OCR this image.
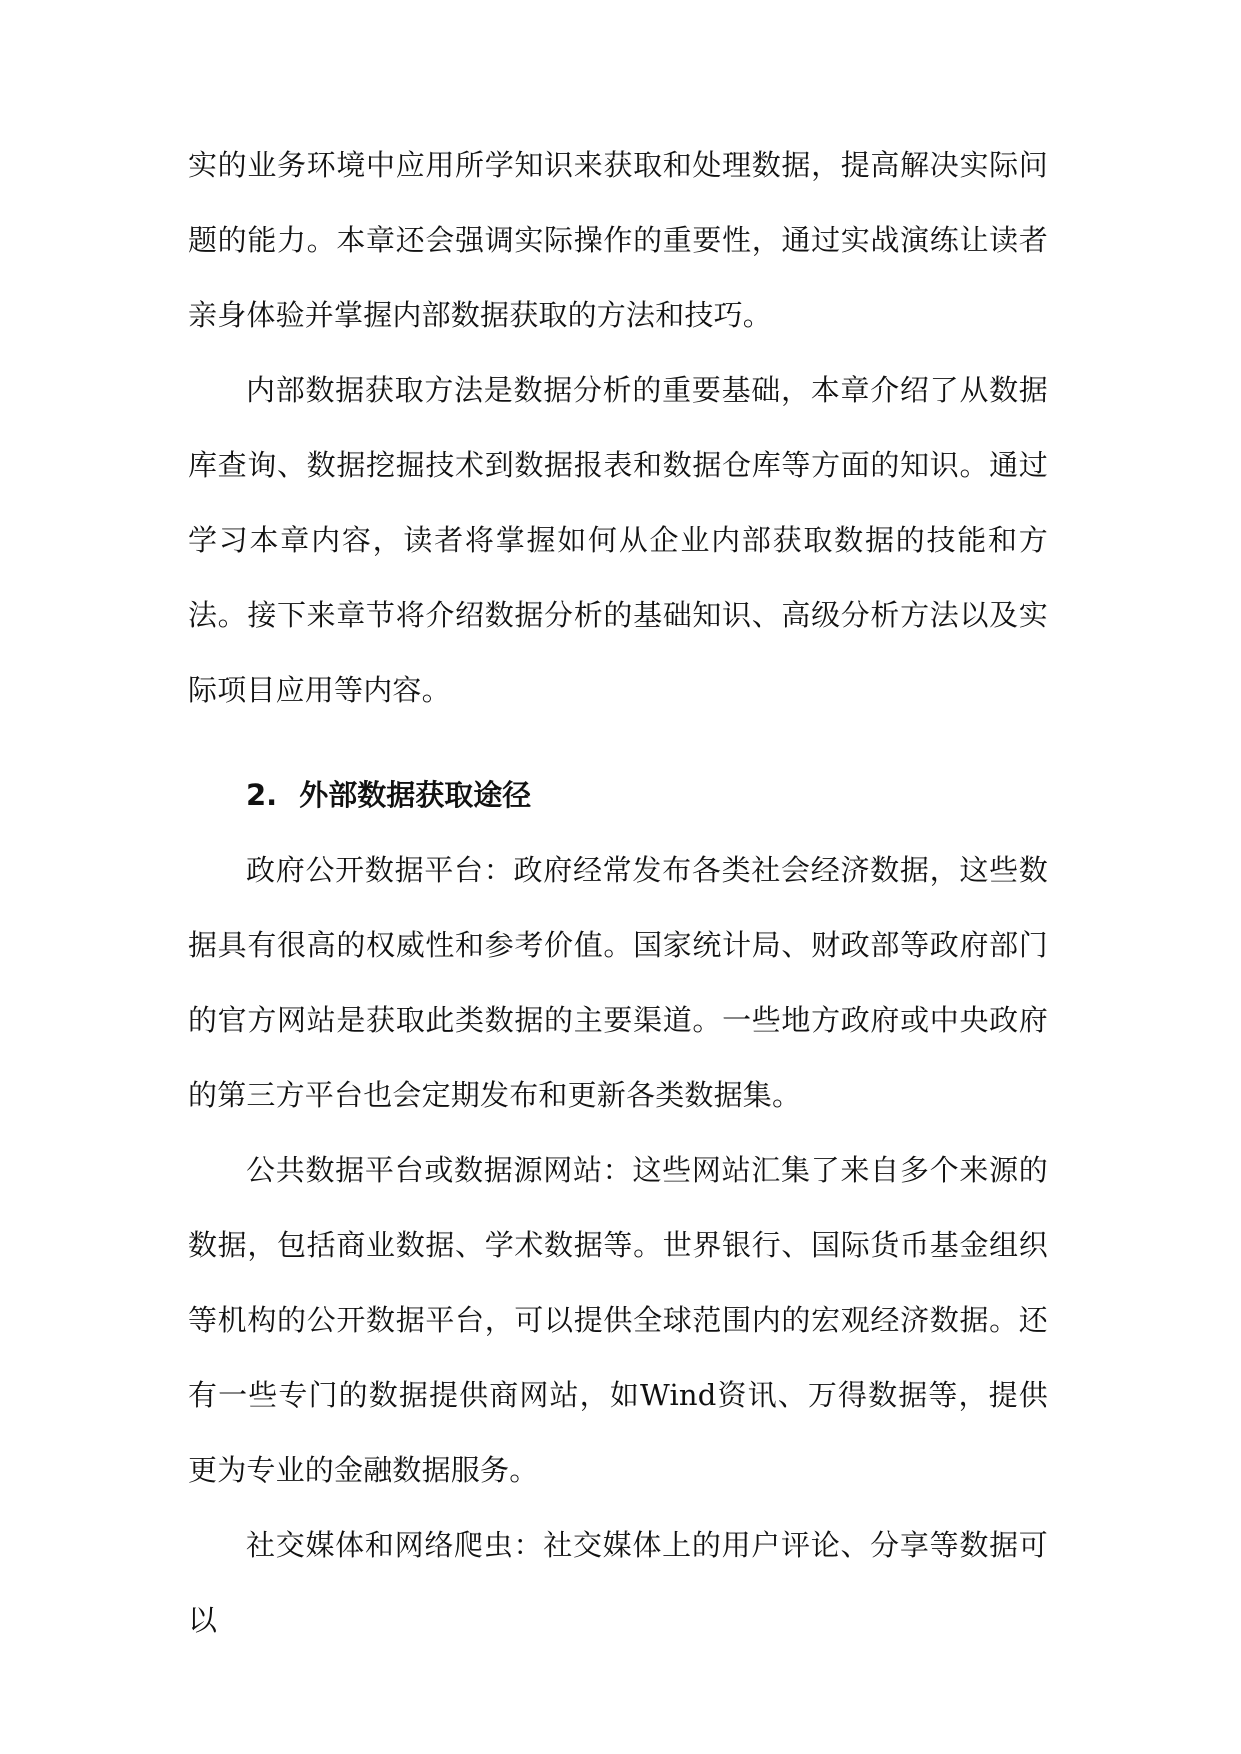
实的业务环境中应用所学知识来获取和处理数据，提高解决实际问题的能力。本章还会强调实际操作的重要性，通过实战演练让读者亲身体验并掌握内部数据获取的方法和技巧。

内部数据获取方法是数据分析的重要基础，本章介绍了从数据库查询、数据挖掘技术到数据报表和数据仓库等方面的知识。通过学习本章内容，读者将掌握如何从企业内部获取数据的技能和方法。接下来章节将介绍数据分析的基础知识、高级分析方法以及实际项目应用等内容。

2. 外部数据获取途径

政府公开数据平台：政府经常发布各类社会经济数据，这些数据具有很高的权威性和参考价值。国家统计局、财政部等政府部门的官方网站是获取此类数据的主要渠道。一些地方政府或中央政府的第三方平台也会定期发布和更新各类数据集。

公共数据平台或数据源网站：这些网站汇集了来自多个来源的数据，包括商业数据、学术数据等。世界银行、国际货币基金组织等机构的公开数据平台，可以提供全球范围内的宏观经济数据。还有一些专门的数据提供商网站，如Wind资讯、万得数据等，提供更为专业的金融数据服务。

社交媒体和网络爬虫：社交媒体上的用户评论、分享等数据可以
